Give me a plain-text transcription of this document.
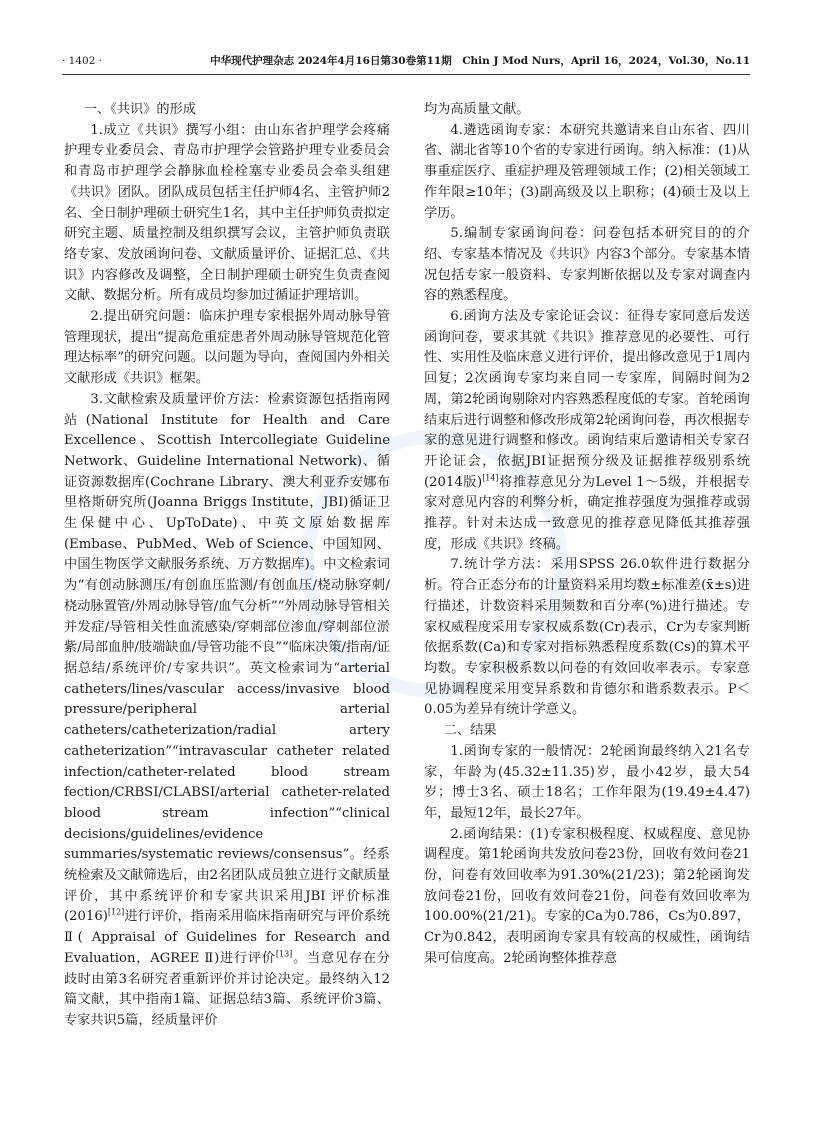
· 1402 ·	中华现代护理杂志 2024年4月16日第30卷第11期　Chin J Mod Nurs，April 16，2024，Vol.30，No.11

一、《共识》的形成

1.成立《共识》撰写小组：由山东省护理学会疼痛护理专业委员会、青岛市护理学会管路护理专业委员会和青岛市护理学会静脉血栓栓塞专业委员会牵头组建《共识》团队。团队成员包括主任护师4名、主管护师2名、全日制护理硕士研究生1名，其中主任护师负责拟定研究主题、质量控制及组织撰写会议，主管护师负责联络专家、发放函询问卷、文献质量评价、证据汇总、《共识》内容修改及调整，全日制护理硕士研究生负责查阅文献、数据分析。所有成员均参加过循证护理培训。

2.提出研究问题：临床护理专家根据外周动脉导管管理现状，提出“提高危重症患者外周动脉导管规范化管理达标率”的研究问题。以问题为导向，查阅国内外相关文献形成《共识》框架。

3.文献检索及质量评价方法：检索资源包括指南网站(National Institute for Health and Care Excellence、Scottish Intercollegiate Guideline Network、Guideline International Network)、循证资源数据库(Cochrane Library、澳大利亚乔安娜布里格斯研究所(Joanna Briggs Institute，JBI)循证卫生保健中心、UpToDate)、中英文原始数据库(Embase、PubMed、Web of Science、中国知网、中国生物医学文献服务系统、万方数据库)。中文检索词为“有创动脉测压/有创血压监测/有创血压/桡动脉穿刺/桡动脉置管/外周动脉导管/血气分析”“外周动脉导管相关并发症/导管相关性血流感染/穿刺部位渗血/穿刺部位淤紫/局部血肿/肢端缺血/导管功能不良”“临床决策/指南/证据总结/系统评价/专家共识”。英文检索词为“arterial catheters/lines/vascular access/invasive blood pressure/peripheral arterial catheters/catheterization/radial artery catheterization”“intravascular catheter related infection/catheter-related blood stream fection/CRBSI/CLABSI/arterial catheter-related blood stream infection”“clinical decisions/guidelines/evidence summaries/systematic reviews/consensus”。经系统检索及文献筛选后，由2名团队成员独立进行文献质量评价，其中系统评价和专家共识采用JBI 评价标准(2016)[12]进行评价，指南采用临床指南研究与评价系统 Ⅱ( Appraisal of Guidelines for Research and Evaluation，AGREE Ⅱ)进行评价[13]。当意见存在分歧时由第3名研究者重新评价并讨论决定。最终纳入12篇文献，其中指南1篇、证据总结3篇、系统评价3篇、专家共识5篇，经质量评价

均为高质量文献。

4.遴选函询专家：本研究共邀请来自山东省、四川省、湖北省等10个省的专家进行函询。纳入标准：(1)从事重症医疗、重症护理及管理领域工作；(2)相关领域工作年限≥10年；(3)副高级及以上职称；(4)硕士及以上学历。

5.编制专家函询问卷：问卷包括本研究目的的介绍、专家基本情况及《共识》内容3个部分。专家基本情况包括专家一般资料、专家判断依据以及专家对调查内容的熟悉程度。

6.函询方法及专家论证会议：征得专家同意后发送函询问卷，要求其就《共识》推荐意见的必要性、可行性、实用性及临床意义进行评价，提出修改意见于1周内回复；2次函询专家均来自同一专家库，间隔时间为2周，第2轮函询剔除对内容熟悉程度低的专家。首轮函询结束后进行调整和修改形成第2轮函询问卷，再次根据专家的意见进行调整和修改。函询结束后邀请相关专家召开论证会，依据JBI证据预分级及证据推荐级别系统(2014版)[14]将推荐意见分为Level 1～5级，并根据专家对意见内容的利弊分析，确定推荐强度为强推荐或弱推荐。针对未达成一致意见的推荐意见降低其推荐强度，形成《共识》终稿。

7.统计学方法：采用SPSS 26.0软件进行数据分析。符合正态分布的计量资料采用均数±标准差(x̄±s)进行描述，计数资料采用频数和百分率(%)进行描述。专家权威程度采用专家权威系数(Cr)表示，Cr为专家判断依据系数(Ca)和专家对指标熟悉程度系数(Cs)的算术平均数。专家积极系数以问卷的有效回收率表示。专家意见协调程度采用变异系数和肯德尔和谐系数表示。P＜0.05为差异有统计学意义。

二、结果

1.函询专家的一般情况：2轮函询最终纳入21名专家，年龄为(45.32±11.35)岁，最小42岁，最大54岁；博士3名、硕士18名；工作年限为(19.49±4.47)年，最短12年，最长27年。

2.函询结果：(1)专家积极程度、权威程度、意见协调程度。第1轮函询共发放问卷23份，回收有效问卷21份，问卷有效回收率为91.30%(21/23)；第2轮函询发放问卷21份，回收有效问卷21份，问卷有效回收率为100.00%(21/21)。专家的Ca为0.786，Cs为0.897，Cr为0.842，表明函询专家具有较高的权威性，函询结果可信度高。2轮函询整体推荐意
